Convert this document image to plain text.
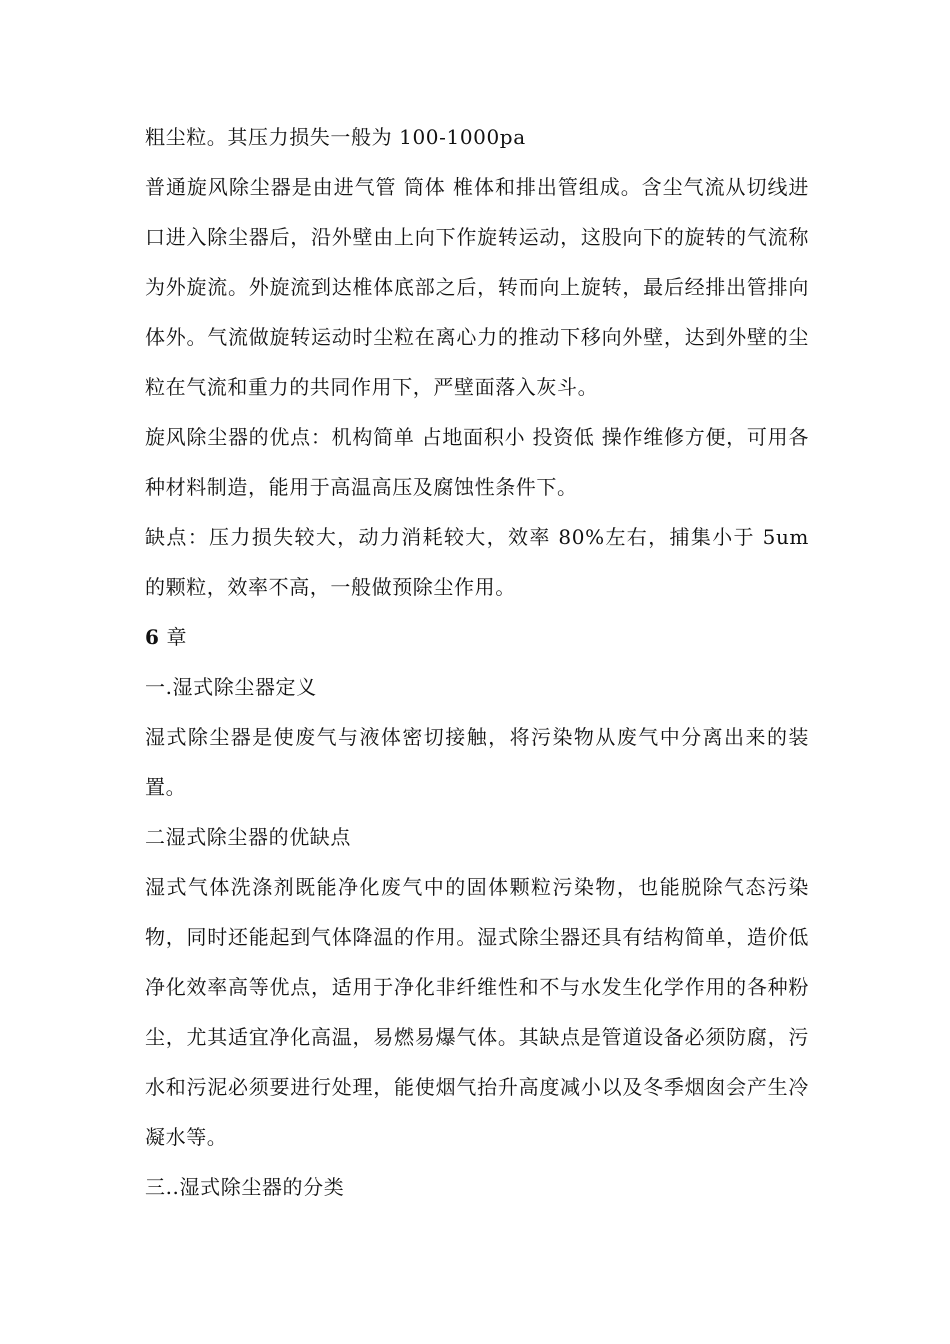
粗尘粒。其压力损失一般为 100-1000pa

普通旋风除尘器是由进气管 筒体 椎体和排出管组成。含尘气流从切线进口进入除尘器后，沿外壁由上向下作旋转运动，这股向下的旋转的气流称为外旋流。外旋流到达椎体底部之后，转而向上旋转，最后经排出管排向体外。气流做旋转运动时尘粒在离心力的推动下移向外壁，达到外壁的尘粒在气流和重力的共同作用下，严壁面落入灰斗。

旋风除尘器的优点：机构简单 占地面积小 投资低 操作维修方便，可用各种材料制造，能用于高温高压及腐蚀性条件下。

缺点：压力损失较大，动力消耗较大，效率 80%左右，捕集小于 5um 的颗粒，效率不高，一般做预除尘作用。

6 章

一.湿式除尘器定义

湿式除尘器是使废气与液体密切接触，将污染物从废气中分离出来的装置。

二湿式除尘器的优缺点

湿式气体洗涤剂既能净化废气中的固体颗粒污染物，也能脱除气态污染物，同时还能起到气体降温的作用。湿式除尘器还具有结构简单，造价低净化效率高等优点，适用于净化非纤维性和不与水发生化学作用的各种粉尘，尤其适宜净化高温，易燃易爆气体。其缺点是管道设备必须防腐，污水和污泥必须要进行处理，能使烟气抬升高度减小以及冬季烟囱会产生冷凝水等。

三..湿式除尘器的分类
